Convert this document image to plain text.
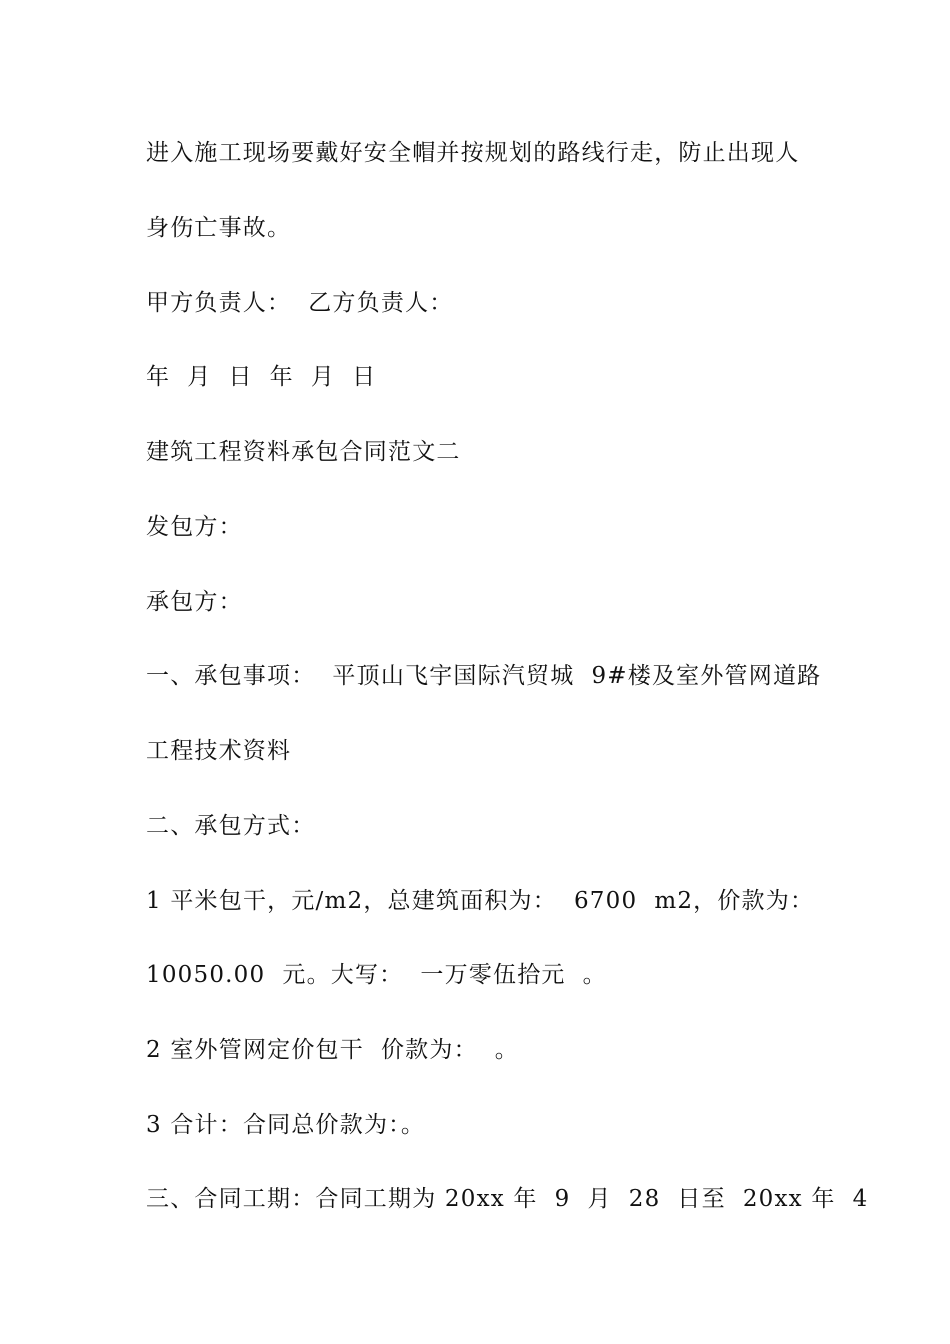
进入施工现场要戴好安全帽并按规划的路线行走，防止出现人
身伤亡事故。
甲方负责人：  乙方负责人：
年  月  日  年  月  日
建筑工程资料承包合同范文二
发包方：
承包方：
一、承包事项：  平顶山飞宇国际汽贸城  9#楼及室外管网道路
工程技术资料
二、承包方式：
1 平米包干，元/m2，总建筑面积为：  6700  m2，价款为：
10050.00  元。大写：  一万零伍拾元  。
2 室外管网定价包干  价款为：  。
3 合计：合同总价款为：。
三、合同工期：合同工期为 20xx 年  9  月  28  日至  20xx 年  4
